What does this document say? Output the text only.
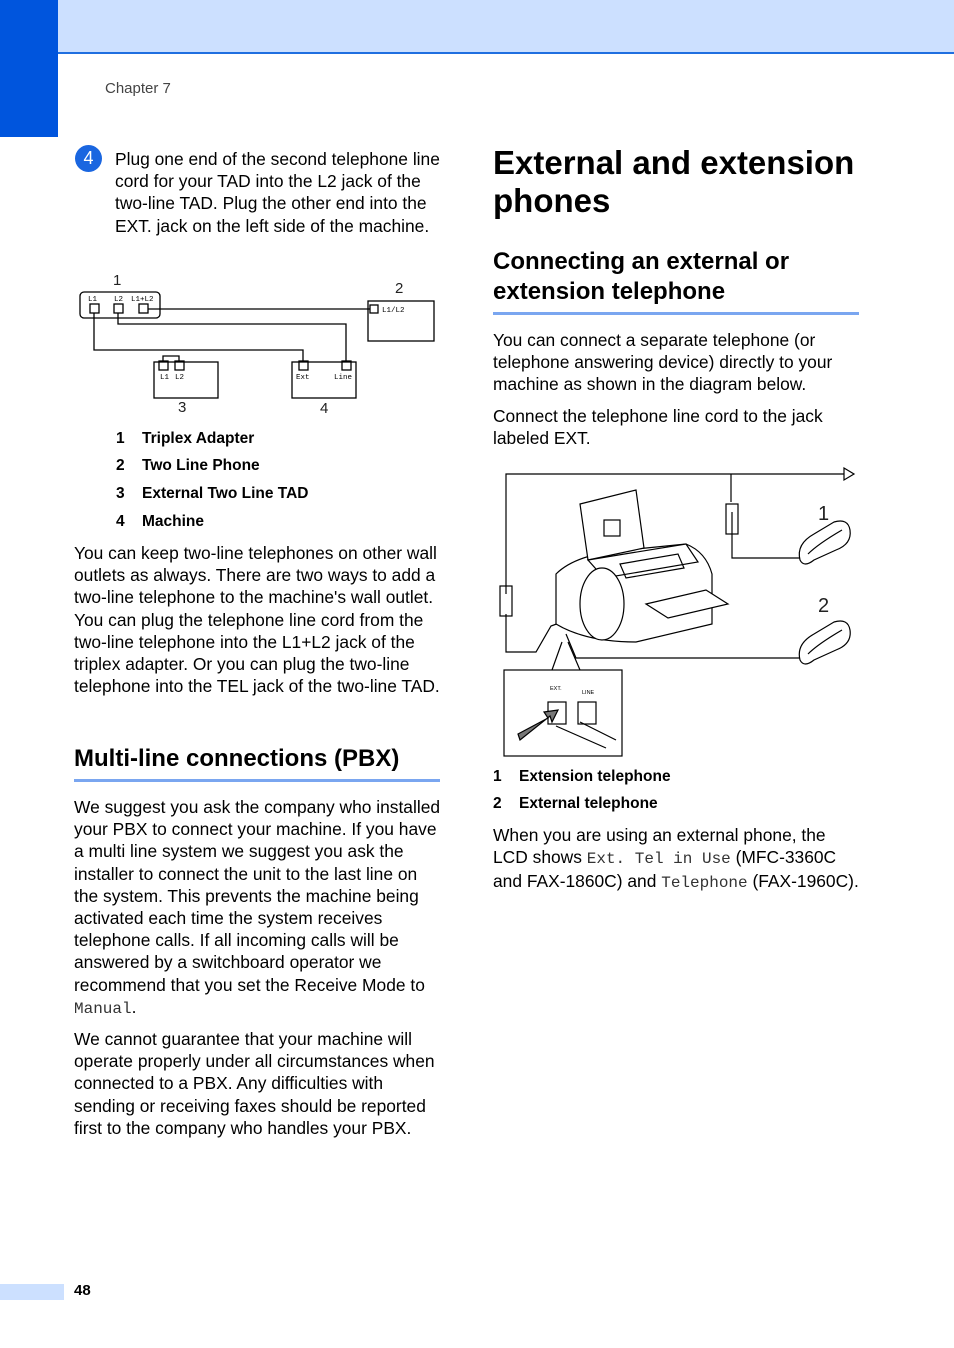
Chapter 7
4	Plug one end of the second telephone line cord for your TAD into the L2 jack of the two-line TAD. Plug the other end into the EXT. jack on the left side of the machine.
L1 L2 L1+L2
L1/L2
L1 L2	Ext	Line
1	2
3	4
1 Triplex Adapter
2 Two Line Phone
3 External Two Line TAD
4 Machine
You can keep two-line telephones on other wall outlets as always. There are two ways to add a two-line telephone to the machine's wall outlet. You can plug the telephone line cord from the two-line telephone into the L1+L2 jack of the triplex adapter. Or you can plug the two-line telephone into the TEL jack of the two-line TAD.
Multi-line connections (PBX)
We suggest you ask the company who installed your PBX to connect your machine. If you have a multi line system we suggest you ask the installer to connect the unit to the last line on the system. This prevents the machine being activated each time the system receives telephone calls. If all incoming calls will be answered by a switchboard operator we recommend that you set the Receive Mode to Manual.
We cannot guarantee that your machine will operate properly under all circumstances when connected to a PBX. Any difficulties with sending or receiving faxes should be reported first to the company who handles your PBX.
External and extension phones
Connecting an external or extension telephone
You can connect a separate telephone (or telephone answering device) directly to your machine as shown in the diagram below.
Connect the telephone line cord to the jack labeled EXT.
1
2
EXT.
LINE
1 Extension telephone
2 External telephone
When you are using an external phone, the LCD shows Ext. Tel in Use (MFC-3360C and FAX-1860C) and Telephone (FAX-1960C).
48
